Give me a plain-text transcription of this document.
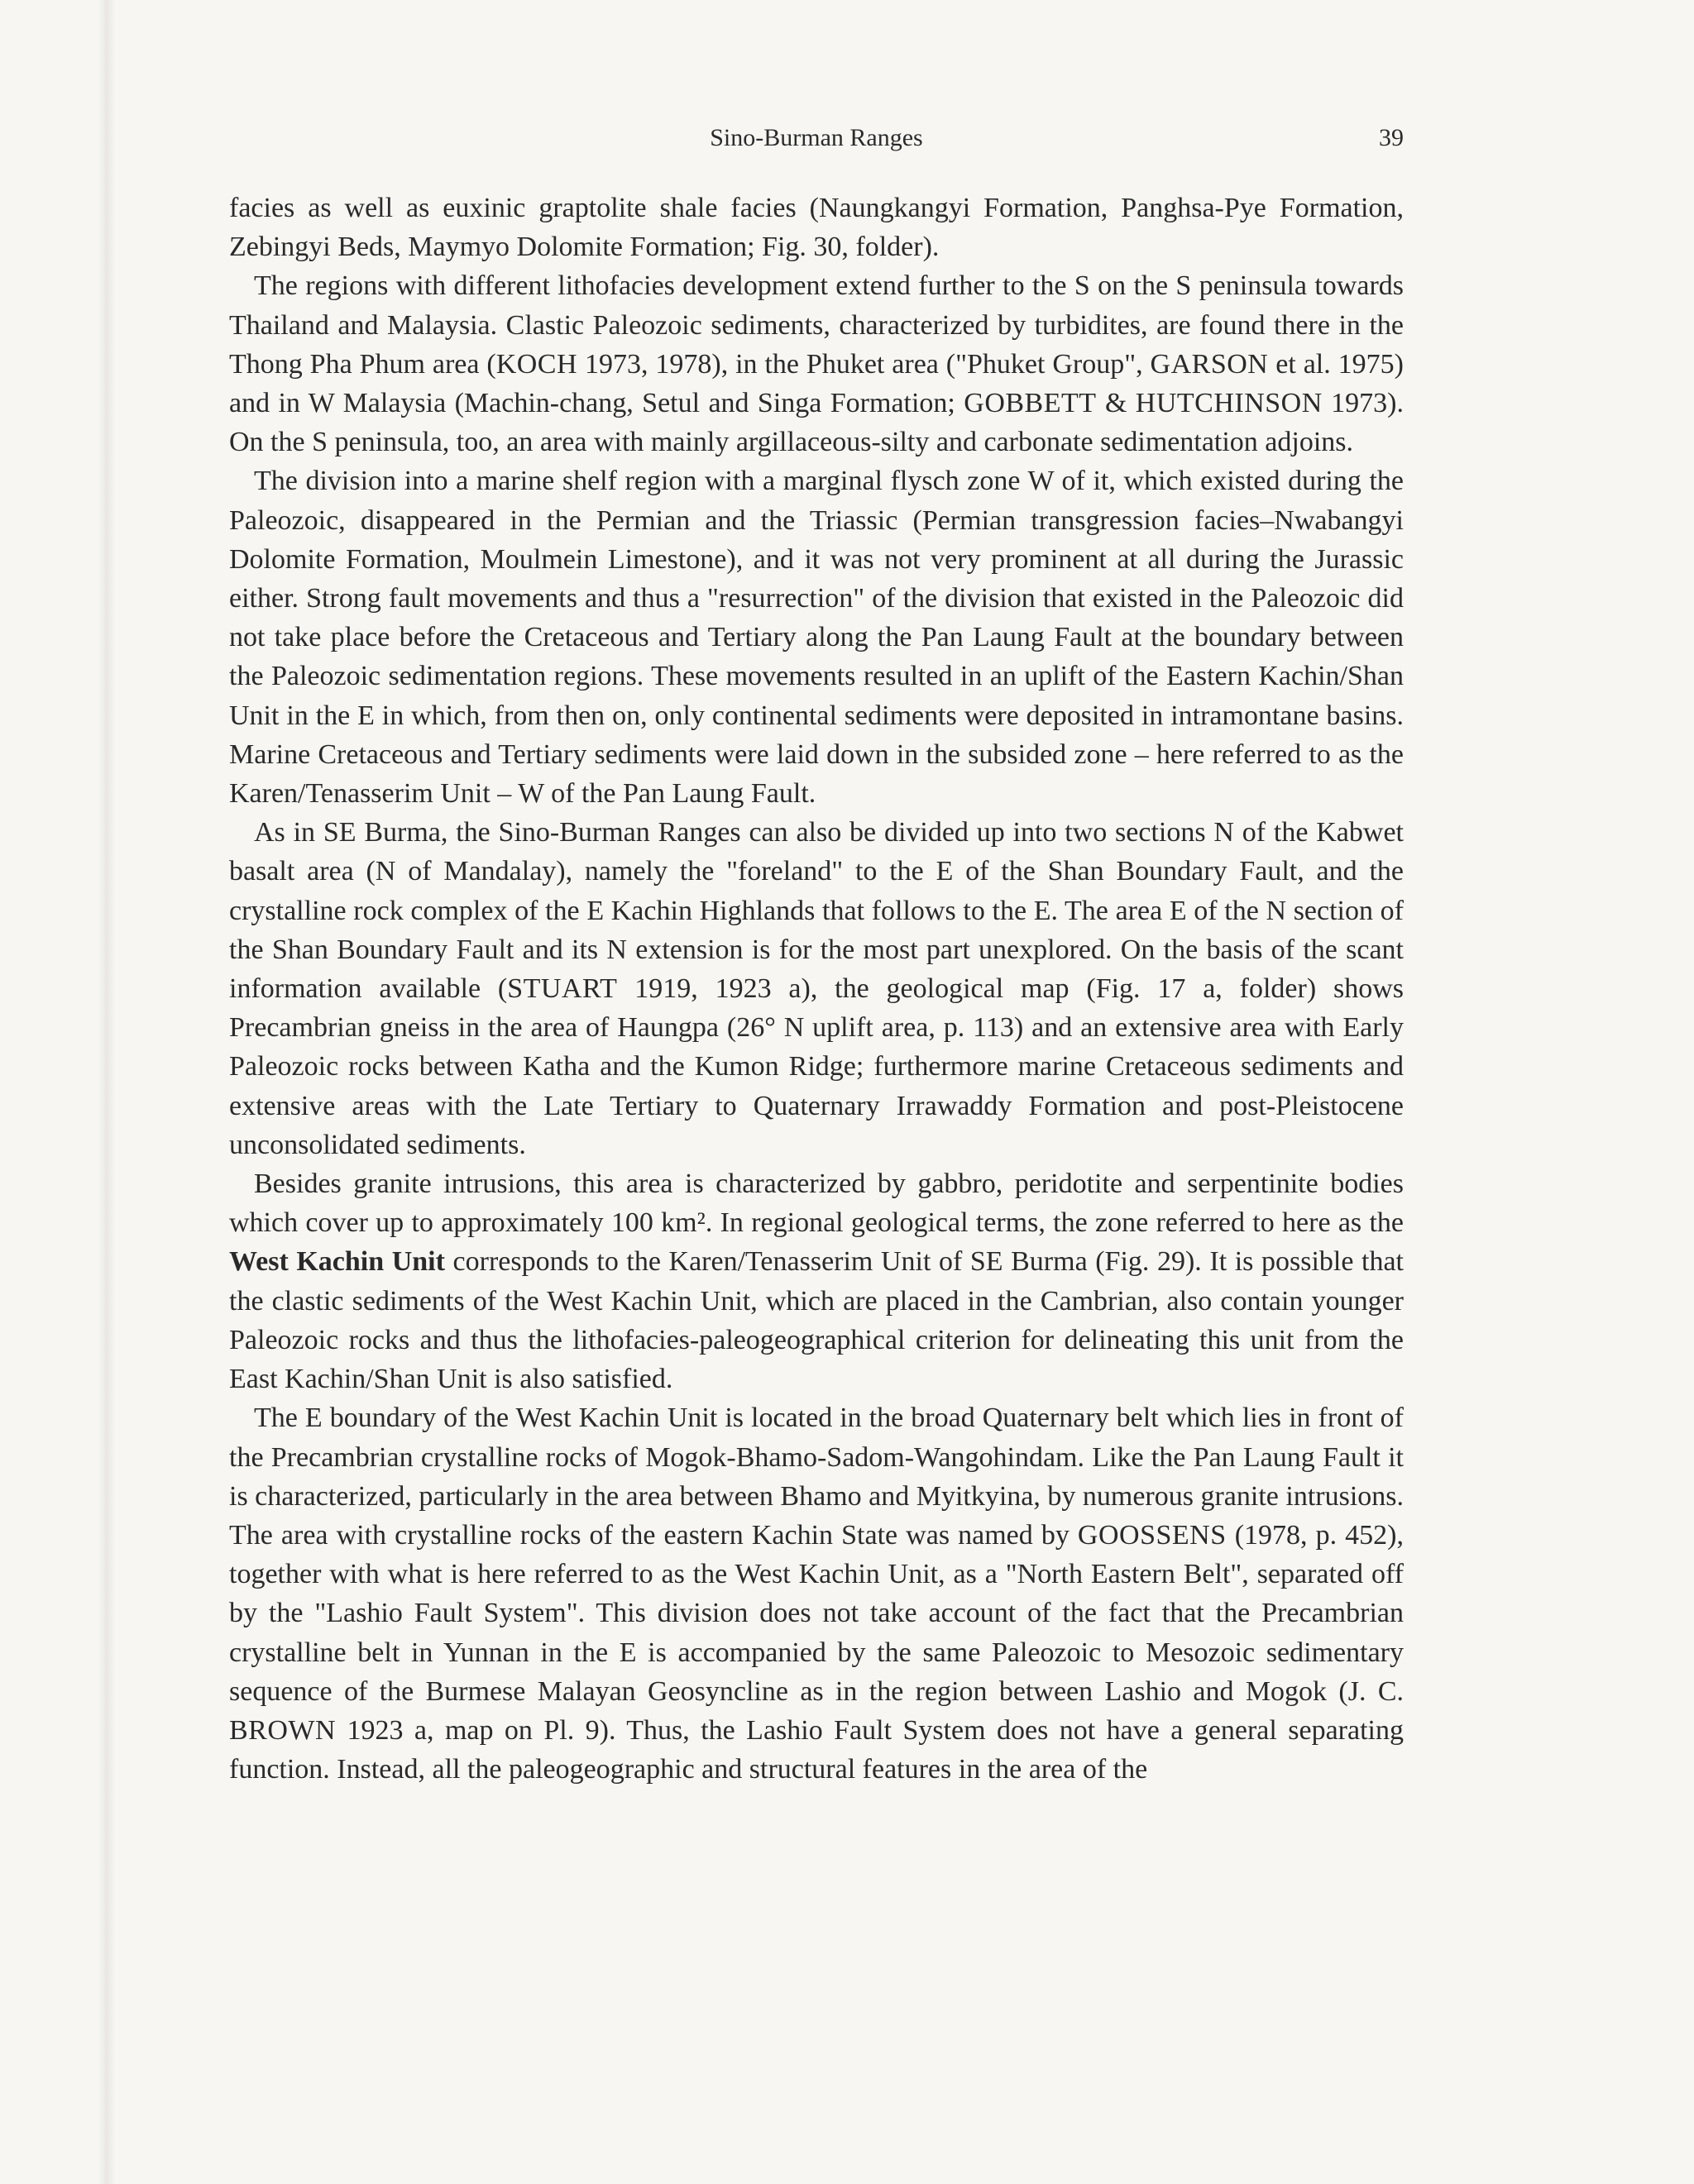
Sino-Burman Ranges	39

facies as well as euxinic graptolite shale facies (Naungkangyi Formation, Panghsa-Pye Formation, Zebingyi Beds, Maymyo Dolomite Formation; Fig. 30, folder).

The regions with different lithofacies development extend further to the S on the S peninsula towards Thailand and Malaysia. Clastic Paleozoic sediments, characterized by turbidites, are found there in the Thong Pha Phum area (KOCH 1973, 1978), in the Phuket area ("Phuket Group", GARSON et al. 1975) and in W Malaysia (Machin-chang, Setul and Singa Formation; GOBBETT & HUTCHINSON 1973). On the S peninsula, too, an area with mainly argillaceous-silty and carbonate sedimentation adjoins.

The division into a marine shelf region with a marginal flysch zone W of it, which existed during the Paleozoic, disappeared in the Permian and the Triassic (Permian transgression facies–Nwabangyi Dolomite Formation, Moulmein Limestone), and it was not very prominent at all during the Jurassic either. Strong fault movements and thus a "resurrection" of the division that existed in the Paleozoic did not take place before the Cretaceous and Tertiary along the Pan Laung Fault at the boundary between the Paleozoic sedimentation regions. These movements resulted in an uplift of the Eastern Kachin/Shan Unit in the E in which, from then on, only continental sediments were deposited in intramontane basins. Marine Cretaceous and Tertiary sediments were laid down in the subsided zone – here referred to as the Karen/Tenasserim Unit – W of the Pan Laung Fault.

As in SE Burma, the Sino-Burman Ranges can also be divided up into two sections N of the Kabwet basalt area (N of Mandalay), namely the "foreland" to the E of the Shan Boundary Fault, and the crystalline rock complex of the E Kachin Highlands that follows to the E. The area E of the N section of the Shan Boundary Fault and its N extension is for the most part unexplored. On the basis of the scant information available (STUART 1919, 1923 a), the geological map (Fig. 17 a, folder) shows Precambrian gneiss in the area of Haungpa (26° N uplift area, p. 113) and an extensive area with Early Paleozoic rocks between Katha and the Kumon Ridge; furthermore marine Cretaceous sediments and extensive areas with the Late Tertiary to Quaternary Irrawaddy Formation and post-Pleistocene unconsolidated sediments.

Besides granite intrusions, this area is characterized by gabbro, peridotite and serpentinite bodies which cover up to approximately 100 km². In regional geological terms, the zone referred to here as the West Kachin Unit corresponds to the Karen/Tenasserim Unit of SE Burma (Fig. 29). It is possible that the clastic sediments of the West Kachin Unit, which are placed in the Cambrian, also contain younger Paleozoic rocks and thus the lithofacies-paleogeographical criterion for delineating this unit from the East Kachin/Shan Unit is also satisfied.

The E boundary of the West Kachin Unit is located in the broad Quaternary belt which lies in front of the Precambrian crystalline rocks of Mogok-Bhamo-Sadom-Wangohindam. Like the Pan Laung Fault it is characterized, particularly in the area between Bhamo and Myitkyina, by numerous granite intrusions. The area with crystalline rocks of the eastern Kachin State was named by GOOSSENS (1978, p. 452), together with what is here referred to as the West Kachin Unit, as a "North Eastern Belt", separated off by the "Lashio Fault System". This division does not take account of the fact that the Precambrian crystalline belt in Yunnan in the E is accompanied by the same Paleozoic to Mesozoic sedimentary sequence of the Burmese Malayan Geosyncline as in the region between Lashio and Mogok (J. C. BROWN 1923 a, map on Pl. 9). Thus, the Lashio Fault System does not have a general separating function. Instead, all the paleogeographic and structural features in the area of the
